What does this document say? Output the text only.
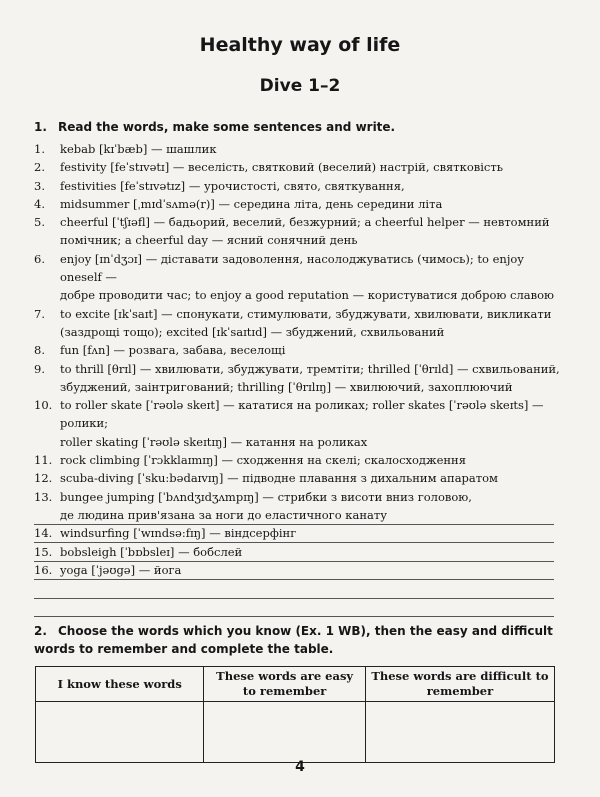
Healthy way of life
Dive 1–2
1. Read the words, make some sentences and write.
1.	kebab [kɪˈbæb] — шашлик
2.	festivity [feˈstɪvətɪ] — веселість, святковий (веселий) настрій, святковість
3.	festivities [feˈstɪvətɪz] — урочистості, свято, святкування,
4.	midsummer [ˌmɪdˈsʌmə(r)] — середина літа, день середини літа
5.	cheerful [ˈtʃɪəfl] — бадьорий, веселий, безжурний; a cheerful helper — невтомний
помічник; a cheerful day — ясний сонячний день
6.	enjoy [ɪnˈdʒɔɪ] — діставати задоволення, насолоджуватись (чимось); to enjoy oneself —
добре проводити час; to enjoy a good reputation — користуватися доброю славою
7.	to excite [ɪkˈsaɪt] — спонукати, стимулювати, збуджувати, хвилювати, викликати
(заздрощі тощо); excited [ɪkˈsaɪtɪd] — збуджений, схвильований
8.	fun [fʌn] — розвага, забава, веселощі
9.	to thrill [θrɪl] — хвилювати, збуджувати, тремтіти; thrilled [ˈθrɪld] — схвильований,
збуджений, заінтригований; thrilling [ˈθrɪlɪŋ] — хвилюючий, захоплюючий
10. to roller skate [ˈrəʊlə skeɪt] — кататися на роликах; roller skates [ˈrəʊlə skeɪts] — ролики;
roller skating [ˈrəʊlə skeɪtɪŋ] — катання на роликах
11. rock climbing [ˈrɔkklaɪmɪŋ] — сходження на скелі; скалосходження
12. scuba-diving [ˈsku:bədaɪvɪŋ] — підводне плавання з дихальним апаратом
13. bungee jumping [ˈbʌndʒɪdʒʌmpɪŋ] — стрибки з висоти вниз головою,
де людина прив'язана за ноги до еластичного канату
14. windsurfing [ˈwɪndsə:fɪŋ] — віндсерфінг
15. bobsleigh [ˈbɒbsleɪ] — бобслей
16. yoga [ˈjəʊgə] — йога
2. Choose the words which you know (Ex. 1 WB), then the easy and difficult words to remember and complete the table.
I know these words	These words are easy to remember	These words are difficult to remember

4
